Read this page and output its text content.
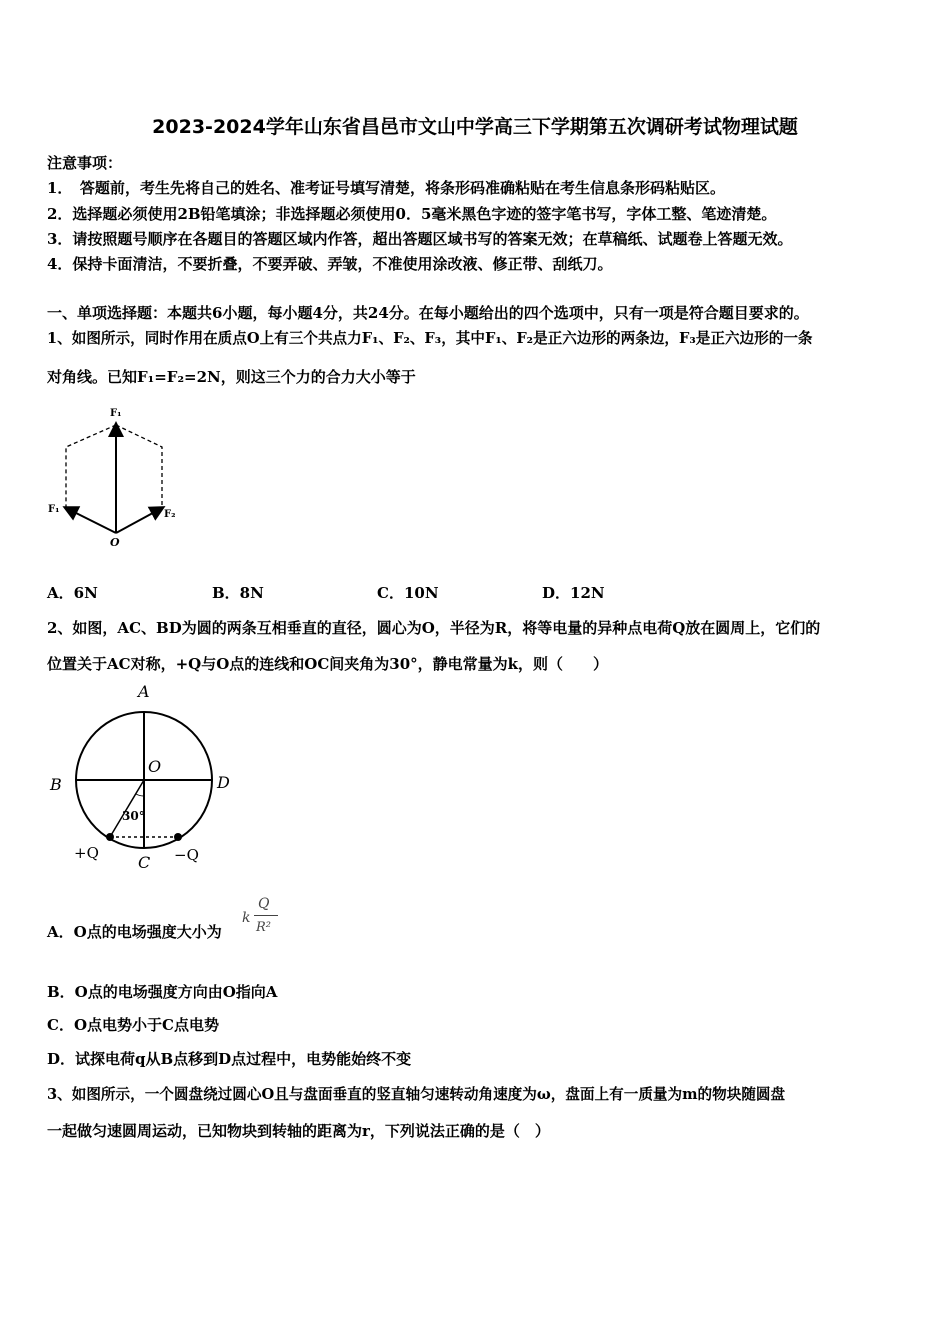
2023-2024学年山东省昌邑市文山中学高三下学期第五次调研考试物理试题
注意事项：
1．　答题前，考生先将自己的姓名、准考证号填写清楚，将条形码准确粘贴在考生信息条形码粘贴区。
2．选择题必须使用2B铅笔填涂；非选择题必须使用0．5毫米黑色字迹的签字笔书写，字体工整、笔迹清楚。
3．请按照题号顺序在各题目的答题区域内作答，超出答题区域书写的答案无效；在草稿纸、试题卷上答题无效。
4．保持卡面清洁，不要折叠，不要弄破、弄皱，不准使用涂改液、修正带、刮纸刀。
一、单项选择题：本题共6小题，每小题4分，共24分。在每小题给出的四个选项中，只有一项是符合题目要求的。
1、如图所示，同时作用在质点O上有三个共点力F₁、F₂、F₃，其中F₁、F₂是正六边形的两条边，F₃是正六边形的一条
对角线。已知F₁=F₂=2N，则这三个力的合力大小等于
F₁
F₁	F₂
O
A．6N	B．8N	C．10N	D．12N
2、如图，AC、BD为圆的两条互相垂直的直径，圆心为O，半径为R，将等电量的异种点电荷Q放在圆周上，它们的
位置关于AC对称，+Q与O点的连线和OC间夹角为30°，静电常量为k，则（　　）
A
B	D
O
C
30°
+Q	−Q
A．O点的电场强度大小为
k
Q
R²
B．O点的电场强度方向由O指向A
C．O点电势小于C点电势
D．试探电荷q从B点移到D点过程中，电势能始终不变
3、如图所示，一个圆盘绕过圆心O且与盘面垂直的竖直轴匀速转动角速度为ω，盘面上有一质量为m的物块随圆盘
一起做匀速圆周运动，已知物块到转轴的距离为r，下列说法正确的是（　）
